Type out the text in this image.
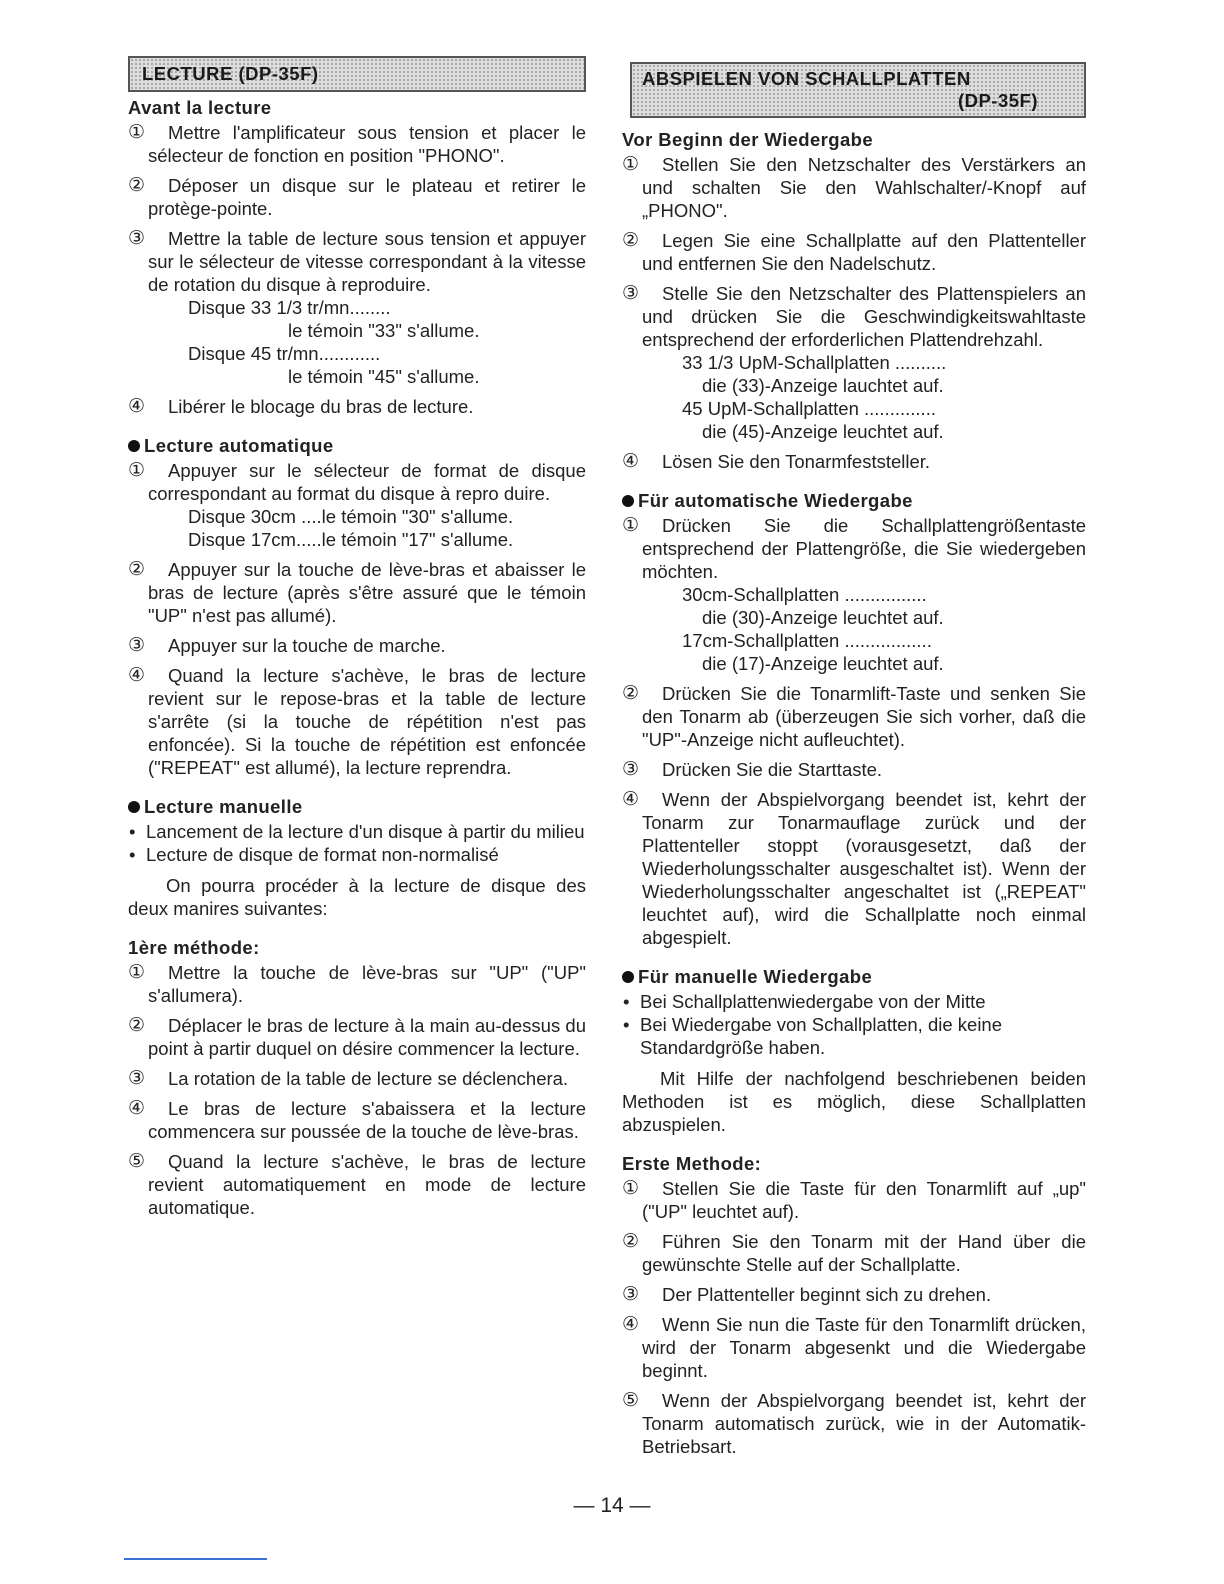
LECTURE (DP-35F)
Avant la lecture
① Mettre l'amplificateur sous tension et placer le sélecteur de fonction en position "PHONO".
② Déposer un disque sur le plateau et retirer le protège-pointe.
③ Mettre la table de lecture sous tension et appuyer sur le sélecteur de vitesse correspondant à la vitesse de rotation du disque à reproduire.
Disque 33 1/3 tr/mn........
le témoin "33" s'allume.
Disque 45 tr/mn............
le témoin "45" s'allume.
④ Libérer le blocage du bras de lecture.
Lecture automatique
① Appuyer sur le sélecteur de format de disque correspondant au format du disque à repro duire.
Disque 30cm ....le témoin "30" s'allume.
Disque 17cm.....le témoin "17" s'allume.
② Appuyer sur la touche de lève-bras et abaisser le bras de lecture (après s'être assuré que le témoin "UP" n'est pas allumé).
③ Appuyer sur la touche de marche.
④ Quand la lecture s'achève, le bras de lecture revient sur le repose-bras et la table de lecture s'arrête (si la touche de répétition n'est pas enfoncée). Si la touche de répétition est enfoncée ("REPEAT" est allumé), la lecture reprendra.
Lecture manuelle
• Lancement de la lecture d'un disque à partir du milieu
• Lecture de disque de format non-normalisé
On pourra procéder à la lecture de disque des deux manires suivantes:
1ère méthode:
① Mettre la touche de lève-bras sur "UP" ("UP" s'allumera).
② Déplacer le bras de lecture à la main au-dessus du point à partir duquel on désire commencer la lecture.
③ La rotation de la table de lecture se déclenchera.
④ Le bras de lecture s'abaissera et la lecture commencera sur poussée de la touche de lève-bras.
⑤ Quand la lecture s'achève, le bras de lecture revient automatiquement en mode de lecture automatique.
ABSPIELEN VON SCHALLPLATTEN
(DP-35F)
Vor Beginn der Wiedergabe
① Stellen Sie den Netzschalter des Verstärkers an und schalten Sie den Wahlschalter/-Knopf auf „PHONO".
② Legen Sie eine Schallplatte auf den Plattenteller und entfernen Sie den Nadelschutz.
③ Stelle Sie den Netzschalter des Plattenspielers an und drücken Sie die Geschwindigkeitswahltaste entsprechend der erforderlichen Plattendrehzahl.
33 1/3 UpM-Schallplatten ..........
die (33)-Anzeige lauchtet auf.
45 UpM-Schallplatten ..............
die (45)-Anzeige leuchtet auf.
④ Lösen Sie den Tonarmfeststeller.
Für automatische Wiedergabe
① Drücken Sie die Schallplattengrößentaste entsprechend der Plattengröße, die Sie wiedergeben möchten.
30cm-Schallplatten ................
die (30)-Anzeige leuchtet auf.
17cm-Schallplatten .................
die (17)-Anzeige leuchtet auf.
② Drücken Sie die Tonarmlift-Taste und senken Sie den Tonarm ab (überzeugen Sie sich vorher, daß die "UP"-Anzeige nicht aufleuchtet).
③ Drücken Sie die Starttaste.
④ Wenn der Abspielvorgang beendet ist, kehrt der Tonarm zur Tonarmauflage zurück und der Plattenteller stoppt (vorausgesetzt, daß der Wiederholungsschalter ausgeschaltet ist). Wenn der Wiederholungsschalter angeschaltet ist („REPEAT" leuchtet auf), wird die Schallplatte noch einmal abgespielt.
Für manuelle Wiedergabe
• Bei Schallplattenwiedergabe von der Mitte
• Bei Wiedergabe von Schallplatten, die keine Standardgröße haben.
Mit Hilfe der nachfolgend beschriebenen beiden Methoden ist es möglich, diese Schallplatten abzuspielen.
Erste Methode:
① Stellen Sie die Taste für den Tonarmlift auf „up" ("UP" leuchtet auf).
② Führen Sie den Tonarm mit der Hand über die gewünschte Stelle auf der Schallplatte.
③ Der Plattenteller beginnt sich zu drehen.
④ Wenn Sie nun die Taste für den Tonarmlift drücken, wird der Tonarm abgesenkt und die Wiedergabe beginnt.
⑤ Wenn der Abspielvorgang beendet ist, kehrt der Tonarm automatisch zurück, wie in der Automatik-Betriebsart.
— 14 —
